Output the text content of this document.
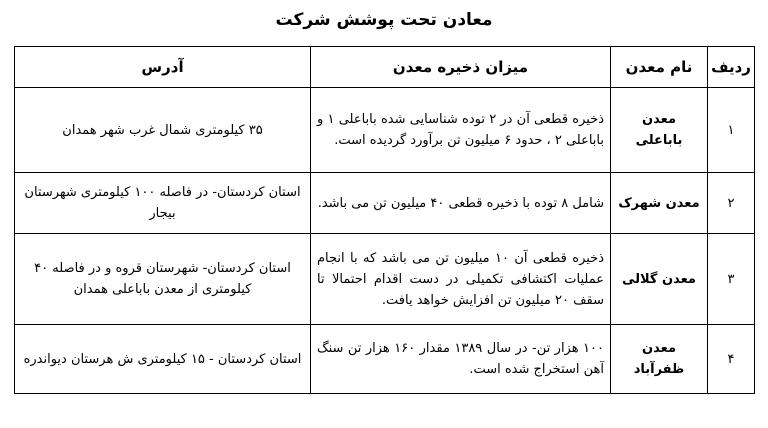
معادن تحت پوشش شرکت
ردیف	نام معدن	میزان ذخیره معدن	آدرس
۱	معدن باباعلی	ذخیره قطعی آن در ۲ توده شناسایی شده باباعلی ۱ و باباعلی ۲ ، حدود ۶ میلیون تن برآورد گردیده است.	۳۵ کیلومتری شمال غرب شهر همدان
۲	معدن شهرک	شامل ۸ توده با ذخیره قطعی ۴۰ میلیون تن می باشد.	استان کردستان- در فاصله ۱۰۰ کیلومتری شهرستان بیجار
۳	معدن گلالی	ذخیره قطعی آن ۱۰ میلیون تن می باشد که با انجام عملیات اکتشافی تکمیلی در دست اقدام احتمالا تا سقف ۲۰ میلیون تن افزایش خواهد یافت.	استان کردستان- شهرستان قروه و در فاصله ۴۰ کیلومتری از معدن باباعلی همدان
۴	معدن ظفرآباد	۱۰۰ هزار تن- در سال ۱۳۸۹ مقدار ۱۶۰ هزار تن سنگ آهن استخراج شده است.	استان کردستان - ۱۵ کیلومتری ش هرستان دیواندره
